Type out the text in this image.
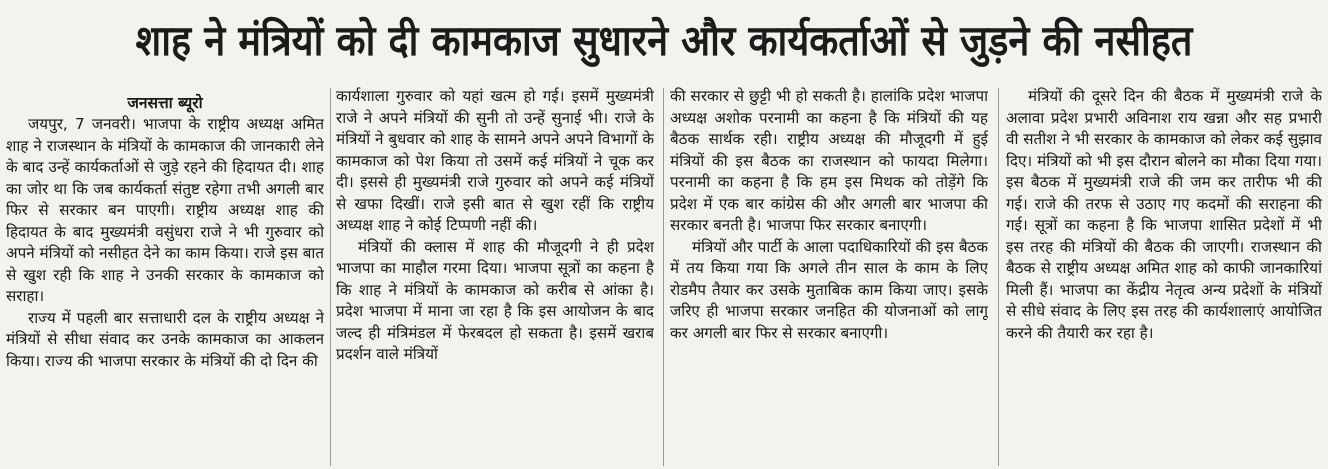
शाह ने मंत्रियों को दी कामकाज सुधारने और कार्यकर्ताओं से जुड़ने की नसीहत
जनसत्ता ब्यूरो

जयपुर, 7 जनवरी। भाजपा के राष्ट्रीय अध्यक्ष अमित शाह ने राजस्थान के मंत्रियों के कामकाज की जानकारी लेने के बाद उन्हें कार्यकर्ताओं से जुड़े रहने की हिदायत दी। शाह का जोर था कि जब कार्यकर्ता संतुष्ट रहेगा तभी अगली बार फिर से सरकार बन पाएगी। राष्ट्रीय अध्यक्ष शाह की हिदायत के बाद मुख्यमंत्री वसुंधरा राजे ने भी गुरुवार को अपने मंत्रियों को नसीहत देने का काम किया। राजे इस बात से खुश रही कि शाह ने उनकी सरकार के कामकाज को सराहा।

राज्य में पहली बार सत्ताधारी दल के राष्ट्रीय अध्यक्ष ने मंत्रियों से सीधा संवाद कर उनके कामकाज का आकलन किया। राज्य की भाजपा सरकार के मंत्रियों की दो दिन की

कार्यशाला गुरुवार को यहां खत्म हो गई। इसमें मुख्यमंत्री राजे ने अपने मंत्रियों की सुनी तो उन्हें सुनाई भी। राजे के मंत्रियों ने बुधवार को शाह के सामने अपने अपने विभागों के कामकाज को पेश किया तो उसमें कई मंत्रियों ने चूक कर दी। इससे ही मुख्यमंत्री राजे गुरुवार को अपने कई मंत्रियों से खफा दिखीं। राजे इसी बात से खुश रहीं कि राष्ट्रीय अध्यक्ष शाह ने कोई टिप्पणी नहीं की।

मंत्रियों की क्लास में शाह की मौजूदगी ने ही प्रदेश भाजपा का माहौल गरमा दिया। भाजपा सूत्रों का कहना है कि शाह ने मंत्रियों के कामकाज को करीब से आंका है। प्रदेश भाजपा में माना जा रहा है कि इस आयोजन के बाद जल्द ही मंत्रिमंडल में फेरबदल हो सकता है। इसमें खराब प्रदर्शन वाले मंत्रियों

की सरकार से छुट्टी भी हो सकती है। हालांकि प्रदेश भाजपा अध्यक्ष अशोक परनामी का कहना है कि मंत्रियों की यह बैठक सार्थक रही। राष्ट्रीय अध्यक्ष की मौजूदगी में हुई मंत्रियों की इस बैठक का राजस्थान को फायदा मिलेगा। परनामी का कहना है कि हम इस मिथक को तोड़ेंगे कि प्रदेश में एक बार कांग्रेस की और अगली बार भाजपा की सरकार बनती है। भाजपा फिर सरकार बनाएगी।

मंत्रियों और पार्टी के आला पदाधिकारियों की इस बैठक में तय किया गया कि अगले तीन साल के काम के लिए रोडमैप तैयार कर उसके मुताबिक काम किया जाए। इसके जरिए ही भाजपा सरकार जनहित की योजनाओं को लागू कर अगली बार फिर से सरकार बनाएगी।

मंत्रियों की दूसरे दिन की बैठक में मुख्यमंत्री राजे के अलावा प्रदेश प्रभारी अविनाश राय खन्ना और सह प्रभारी वी सतीश ने भी सरकार के कामकाज को लेकर कई सुझाव दिए। मंत्रियों को भी इस दौरान बोलने का मौका दिया गया। इस बैठक में मुख्यमंत्री राजे की जम कर तारीफ भी की गई। राजे की तरफ से उठाए गए कदमों की सराहना की गई। सूत्रों का कहना है कि भाजपा शासित प्रदेशों में भी इस तरह की मंत्रियों की बैठक की जाएगी। राजस्थान की बैठक से राष्ट्रीय अध्यक्ष अमित शाह को काफी जानकारियां मिली हैं। भाजपा का केंद्रीय नेतृत्व अन्य प्रदेशों के मंत्रियों से सीधे संवाद के लिए इस तरह की कार्यशालाएं आयोजित करने की तैयारी कर रहा है।
